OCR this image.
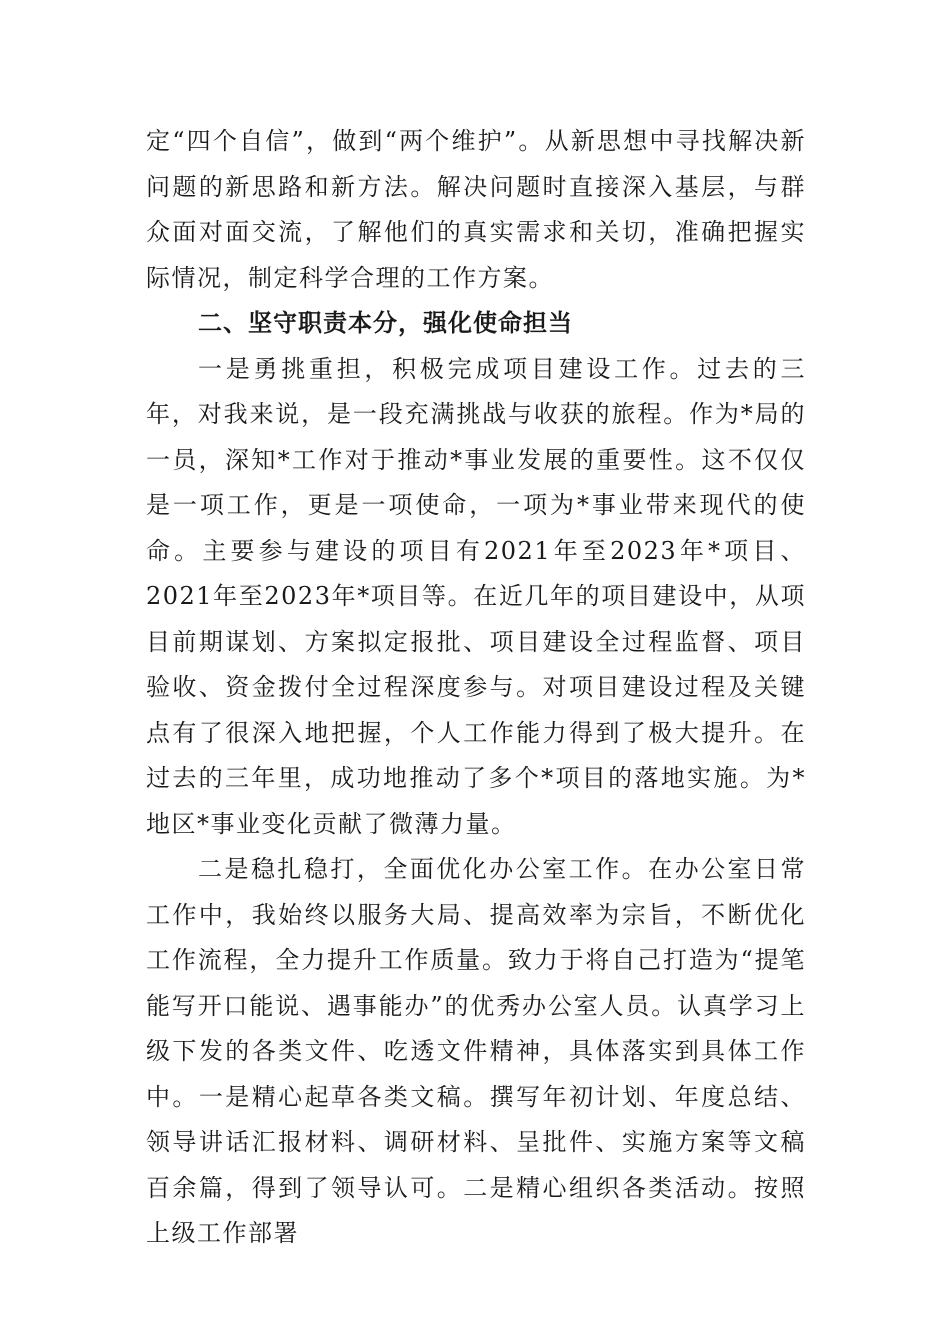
定“四个自信”，做到“两个维护”。从新思想中寻找解决新问题的新思路和新方法。解决问题时直接深入基层，与群众面对面交流，了解他们的真实需求和关切，准确把握实际情况，制定科学合理的工作方案。

二、坚守职责本分，强化使命担当

一是勇挑重担，积极完成项目建设工作。过去的三年，对我来说，是一段充满挑战与收获的旅程。作为*局的一员，深知*工作对于推动*事业发展的重要性。这不仅仅是一项工作，更是一项使命，一项为*事业带来现代的使命。主要参与建设的项目有2021年至2023年*项目、2021年至2023年*项目等。在近几年的项目建设中，从项目前期谋划、方案拟定报批、项目建设全过程监督、项目验收、资金拨付全过程深度参与。对项目建设过程及关键点有了很深入地把握，个人工作能力得到了极大提升。在过去的三年里，成功地推动了多个*项目的落地实施。为*地区*事业变化贡献了微薄力量。

二是稳扎稳打，全面优化办公室工作。在办公室日常工作中，我始终以服务大局、提高效率为宗旨，不断优化工作流程，全力提升工作质量。致力于将自己打造为“提笔能写开口能说、遇事能办”的优秀办公室人员。认真学习上级下发的各类文件、吃透文件精神，具体落实到具体工作中。一是精心起草各类文稿。撰写年初计划、年度总结、领导讲话汇报材料、调研材料、呈批件、实施方案等文稿百余篇，得到了领导认可。二是精心组织各类活动。按照上级工作部署
